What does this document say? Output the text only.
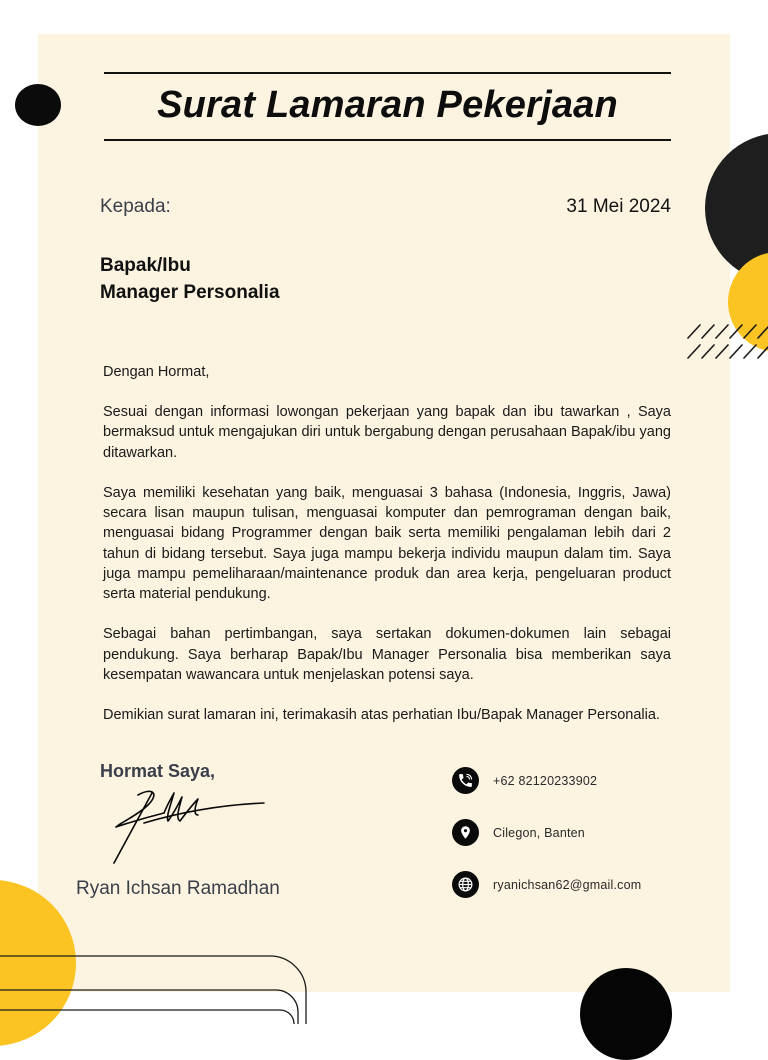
Surat Lamaran Pekerjaan
Kepada:	31 Mei 2024
Bapak/Ibu
Manager Personalia

Dengan Hormat,

Sesuai dengan informasi lowongan pekerjaan yang bapak dan ibu tawarkan , Saya bermaksud untuk mengajukan diri untuk bergabung dengan perusahaan Bapak/ibu yang ditawarkan.

Saya memiliki kesehatan yang baik, menguasai 3 bahasa (Indonesia, Inggris, Jawa) secara lisan maupun tulisan, menguasai komputer dan pemrograman dengan baik, menguasai bidang Programmer dengan baik serta memiliki pengalaman lebih dari 2 tahun di bidang tersebut. Saya juga mampu bekerja individu maupun dalam tim. Saya juga mampu pemeliharaan/maintenance produk dan area kerja, pengeluaran product serta material pendukung.

Sebagai bahan pertimbangan, saya sertakan dokumen-dokumen lain sebagai pendukung. Saya berharap Bapak/Ibu Manager Personalia bisa memberikan saya kesempatan wawancara untuk menjelaskan potensi saya.

Demikian surat lamaran ini, terimakasih atas perhatian Ibu/Bapak Manager Personalia.

Hormat Saya,
Ryan Ichsan Ramadhan
+62 82120233902
Cilegon, Banten
ryanichsan62@gmail.com
